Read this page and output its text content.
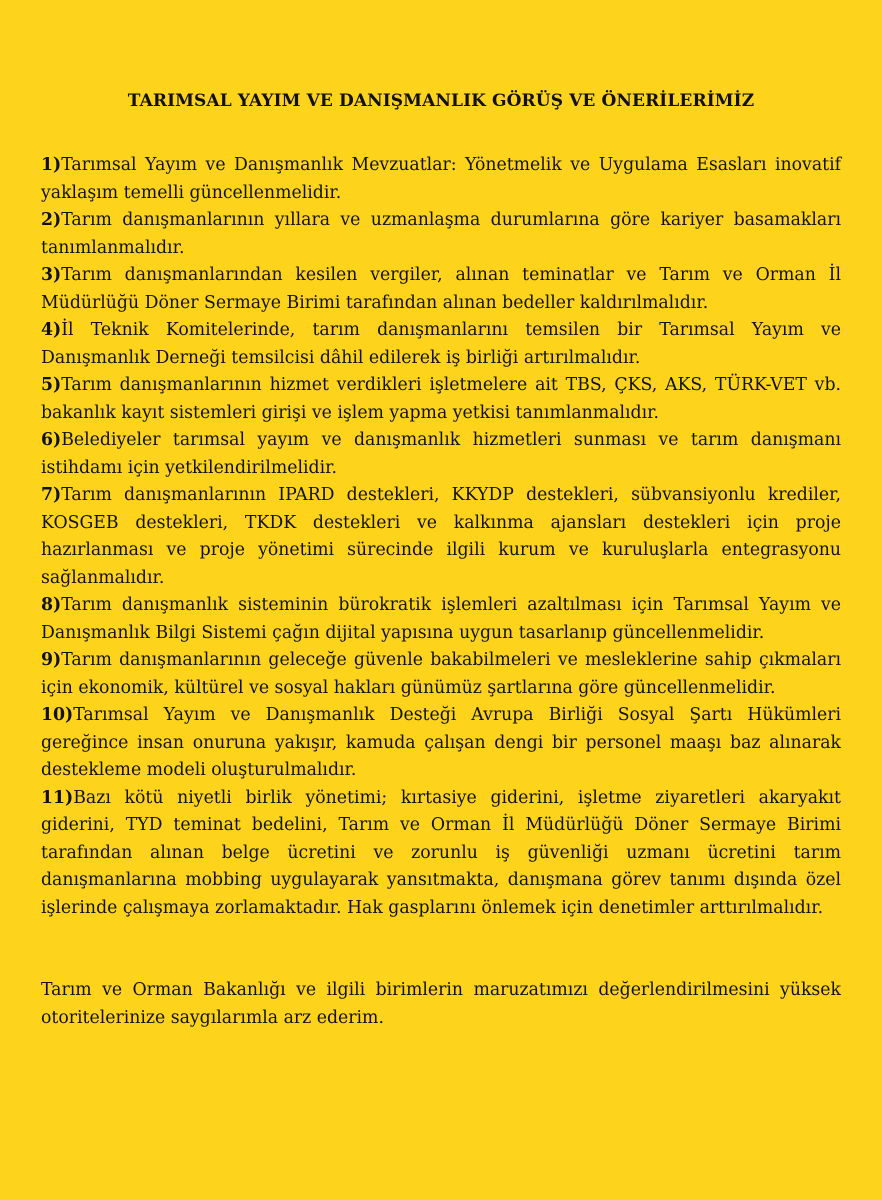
TARIMSAL YAYIM VE DANIŞMANLIK GÖRÜŞ VE ÖNERİLERİMİZ

1)Tarımsal Yayım ve Danışmanlık Mevzuatlar: Yönetmelik ve Uygulama Esasları inovatif yaklaşım temelli güncellenmelidir.

2)Tarım danışmanlarının yıllara ve uzmanlaşma durumlarına göre kariyer basamakları tanımlanmalıdır.

3)Tarım danışmanlarından kesilen vergiler, alınan teminatlar ve Tarım ve Orman İl Müdürlüğü Döner Sermaye Birimi tarafından alınan bedeller kaldırılmalıdır.

4)İl Teknik Komitelerinde, tarım danışmanlarını temsilen bir Tarımsal Yayım ve Danışmanlık Derneği temsilcisi dâhil edilerek iş birliği artırılmalıdır.

5)Tarım danışmanlarının hizmet verdikleri işletmelere ait TBS, ÇKS, AKS, TÜRK-VET vb. bakanlık kayıt sistemleri girişi ve işlem yapma yetkisi tanımlanmalıdır.

6)Belediyeler tarımsal yayım ve danışmanlık hizmetleri sunması ve tarım danışmanı istihdamı için yetkilendirilmelidir.

7)Tarım danışmanlarının IPARD destekleri, KKYDP destekleri, sübvansiyonlu krediler, KOSGEB destekleri, TKDK destekleri ve kalkınma ajansları destekleri için proje hazırlanması ve proje yönetimi sürecinde ilgili kurum ve kuruluşlarla entegrasyonu sağlanmalıdır.

8)Tarım danışmanlık sisteminin bürokratik işlemleri azaltılması için Tarımsal Yayım ve Danışmanlık Bilgi Sistemi çağın dijital yapısına uygun tasarlanıp güncellenmelidir.

9)Tarım danışmanlarının geleceğe güvenle bakabilmeleri ve mesleklerine sahip çıkmaları için ekonomik, kültürel ve sosyal hakları günümüz şartlarına göre güncellenmelidir.

10)Tarımsal Yayım ve Danışmanlık Desteği Avrupa Birliği Sosyal Şartı Hükümleri gereğince insan onuruna yakışır, kamuda çalışan dengi bir personel maaşı baz alınarak destekleme modeli oluşturulmalıdır.

11)Bazı kötü niyetli birlik yönetimi; kırtasiye giderini, işletme ziyaretleri akaryakıt giderini, TYD teminat bedelini, Tarım ve Orman İl Müdürlüğü Döner Sermaye Birimi tarafından alınan belge ücretini ve zorunlu iş güvenliği uzmanı ücretini tarım danışmanlarına mobbing uygulayarak yansıtmakta, danışmana görev tanımı dışında özel işlerinde çalışmaya zorlamaktadır. Hak gasplarını önlemek için denetimler arttırılmalıdır.

Tarım ve Orman Bakanlığı ve ilgili birimlerin maruzatımızı değerlendirilmesini yüksek otoritelerinize saygılarımla arz ederim.
